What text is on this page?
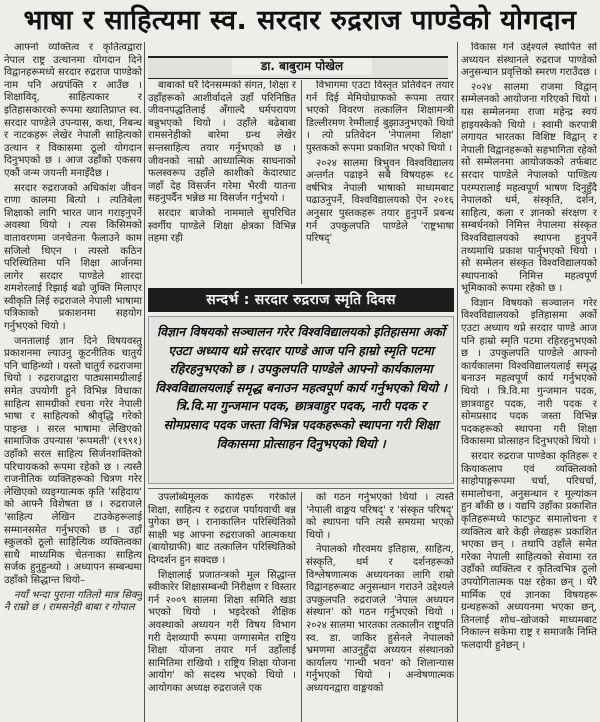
भाषा र साहित्यमा स्व. सरदार रुद्रराज पाण्डेको योगदान
डा. बाबुराम पोखेल

आफ्नो व्यक्तित्व र कृतित्वद्वारा नेपाल राष्ट्र उत्थानमा योगदान दिने विद्वानहरूमध्ये सरदार रुद्रराज पाण्डेको नाम पनि अग्रपंक्ति र आउँछ । शिक्षाविद्, साहित्यकार र इतिहासकारको रूपमा ख्यातिप्राप्त स्व. सरदार पाण्डेले उपन्यास, कथा, निबन्ध र नाटकहरू लेखेर नेपाली साहित्यको उत्थान र विकासमा ठूलो योगदान दिनुभएको छ । आज उहाँको एकसय एकौं जन्म जयन्ती मनाइँदैछ ।

सरदार रुद्रराजको अधिकांश जीवन राणा कालमा बित्यो । त्यतिबेला शिक्षाको लागि भारत जान गराइनुपर्ने अवस्था थियो । त्यस किसिमको वातावरणमा जनचेतना फैलाउने काम सजिलो थिएन । त्यस्तो कठिन परिस्थितिमा पनि शिक्षा आर्जनमा लागेर सरदार पाण्डेले शारदा शमशेरलाई रिझाई बढो जुक्ति मिलाएर स्वीकृति लिई रुद्रराजले नेपाली भाषामा पत्रिकाको प्रकाशनमा सहयोग गर्नुभएको थियो ।

जनतालाई ज्ञान दिने विषयवस्तु प्रकाशनमा ल्याउनु कूटनीतिक चातुर्य पनि चाहिन्थ्यो । यस्तो चातुर्य रुद्रराजमा थियो । रुद्रराजद्वारा पाठ्यसामग्रीलाई समेत उपयोगी हुने विभिन्न विधाका साहित्य सामग्रीको रचना गरेर नेपाली भाषा र साहित्यको श्रीवृद्धि गरेको पाइन्छ । सरल भाषामा लेखिएको सामाजिक उपन्यास 'रूपमती' (१९९१) उहाँको सरल साहित्य सिर्जनशक्तिको परिचायकको रूपमा रहेको छ । त्यस्तै राजनीतिक व्यक्तिहरूको चित्रण गरेर लेखिएको व्यङ्ग्यात्मक कृति 'सहिदाय' को आफ्नै विशेषता छ । रुद्रराजले 'साहित्य लेखिन टाउकेहरूलाई सम्मानसमेत गर्नुभएको छ । उहाँ स्कुलको ठूलो साहित्यिक व्यक्तित्वका साथै माध्यमिक चेतनाका साहित्य सर्जक हुनुहुन्थ्यो । अध्यापन सम्बन्धमा उहाँको सिद्धान्त थियो–

नयाँ भन्दा पुराना गतिलो मात्र सिक्नु नै राम्रो छ । रामसनेही बाबा र गोपाल

बाबाको घरैं दिनसम्मको संगत, शिक्षा र उहाँहरूको आशीर्वादले उहाँ परिनिष्ठित जीवनपद्धतिलाई अँगाल्दै धर्मपरायण बन्नुभएको थियो । उहाँले बढेबाबा रामसनेहीको बारेमा ग्रन्थ लेखेर सन्तसाहित्य तयार गर्नुभएको छ । जीवनको नाम्रो आध्यात्मिक साधनाको फलस्वरूप उहाँले काशीको केदारघाट जहाँ देह विसर्जन गरेमा भैरवी यातना सहनुपर्दैन भन्नेछ मा विसर्जन गर्नुभयो ।

सरदार बाजेको नाममाले सुपरिचित स्वर्गीय पाण्डेले शिक्षा क्षेत्रका विभिन्न तहमा रही

विभागमा एउटा विस्तृत प्रतिवेदन तयार गर्न दिई मेमियोग्राफको रूपमा तयार भएको विवरण तत्कालिन शिक्षामन्त्री डिल्लीरमण रेग्मीलाई बुझाउनुभएको थियो । त्यो प्रतिवेदन 'नेपालमा शिक्षा' पुस्तकको रूपमा प्रकाशित भएको थियो ।

२०२४ सालमा त्रिभुवन विश्वविद्यालय अन्तर्गत पढाइने सबै विषयहरू १८ वर्षभित्र नेपाली भाषाको माध्यमबाट पढाउनुपर्ने, विश्वविद्यालयको ऐन २०१६ अनुसार पुस्तकहरू तयार हुनुपर्ने प्रबन्ध गर्न उपकुलपति पाण्डेले 'राष्ट्रभाषा परिषद्'

सन्दर्भ : सरदार रुद्रराज स्मृति दिवस
विज्ञान विषयको सञ्चालन गरेर विश्वविद्यालयको इतिहासमा अर्को एउटा अध्याय थप्ने सरदार पाण्डे आज पनि हाम्रो स्मृति पटमा रहिरहनुभएको छ । उपकुलपति पाण्डेले आफ्नो कार्यकालमा विश्वविद्यालयलाई समृद्ध बनाउन महत्वपूर्ण कार्य गर्नुभएको थियो । त्रि.वि.मा गुन्जमान पदक, छात्रवाहुर पदक, नारी पदक र सोमप्रसाद पदक जस्ता विभिन्न पदकहरूको स्थापना गरी शिक्षा विकासमा प्रोत्साहन दिनुभएको थियो ।

उपलब्धिमूलक कार्यहरू गरेकोले शिक्षा, साहित्य र रुद्रराज पर्यायवाची बन्न पुगेका छन् । रानाकालिन परिस्थितिको साक्षी भइ आफ्ना रुद्रराजको आत्मकथा (बायोग्राफी) बाट तत्कालिन परिस्थितिको दिग्दर्शन हुन सक्दछ ।

शिक्षालाई प्रजातन्त्रको मूल सिद्धान्त स्वीकारेर शिक्षासम्बन्धी निरीक्षण र विस्तार गर्न २००९ सालमा शिक्षा समिति खडा भएको थियो । भइदेरको शैक्षिक अवस्थाको अध्ययन गरी विषय विभाग गरी देशव्यापी रूपमा जग्गासमेत राष्ट्रिय शिक्षा योजना तयार गर्न उहाँलाई सामितिमा राखियो । राष्ट्रिय शिक्षा योजना आयोग' को सदस्य भएको थियो । आयोगका अध्यक्ष रुद्रराजले एक

को गठन गर्नुभएको थियो । त्यस्तै 'नेपाली वाङ्मय परिषद्' र 'संस्कृत परिषद्' को स्थापना पनि त्यसै समयमा भएको थियो ।

नेपालको गौरवमय इतिहास, साहित्य, संस्कृति, धर्म र दर्शनहरूको विश्लेषणात्मक अध्ययनका लागि राम्रो विद्वानहरूबाट अनुसन्धान गराउने उद्देश्यले उपकुलपति रुद्रराजले 'नेपाल अध्ययन संस्थान' को गठन गर्नुभएको थियो । २०२४ सालमा भारतका तत्कालीन राष्ट्रपति स्व. डा. जाकिर हुसेनले नेपालको भ्रमणमा आउनुहुँदा अध्ययन संस्थानको कार्यालय 'गान्धी भवन' को शिलान्यास गर्नुभएको थियो । अन्वेषणात्मक अध्ययनद्वारा वाङ्मयको

विकास गर्ने उद्देश्यले स्थापित सो अध्ययन संस्थानले रुद्रराज पाण्डेको अनुसन्धान प्रवृत्तिको स्मरण गराउँदछ ।

२०२४ सालमा राजमा विद्वान् सम्मेलनको आयोजना गरिएको थियो । यस सम्मेलनमा राजा महेन्द्र स्वयं हाइयस्केको थियो । स्वामी करपात्री लगायत भारतका विशिष्ट विद्वान् र नेपाली विद्वानहरूको सहभागिता रहेको सो सम्मेलनमा आयोजकको तर्फबाट सरदार पाण्डेले नेपालको पाण्डित्य परम्परालाई महत्वपूर्ण भाषण दिनुहुँदै नेपालको धर्म, संस्कृति, दर्शन, साहित्य, कला र ज्ञानको संरक्षण र सम्बर्धनको निमित्त नेपालमा संस्कृत विश्वविद्यालयको स्थापना हुनुपर्ने तथ्यमाथि प्रकाश पार्नुभएको थियो । सो सम्मेलन संस्कृत विश्वविद्यालयको स्थापनाको निमित्त महत्वपूर्ण भूमिकाको रूपमा रहेको छ ।

विज्ञान विषयको सञ्चालन गरेर विश्वविद्यालयको इतिहासमा अर्को एउटा अध्याय थप्ने सरदार पाण्डे आज पनि हाम्रो स्मृति पटमा रहिरहनुभएको छ । उपकुलपति पाण्डेले आफ्नो कार्यकालमा विश्वविद्यालयलाई समृद्ध बनाउन महत्वपूर्ण कार्य गर्नुभएको थियो । त्रि.वि.मा गुन्जमान पदक, छात्रवाहुर पदक, नारी पदक र सोमप्रसाद पदक जस्ता विभिन्न पदकहरूको स्थापना गरी शिक्षा विकासमा प्रोत्साहन दिनुभएको थियो ।

सरदार रुद्रराज पाण्डेका कृतिहरू र कियाकलाप एवं व्यक्तित्वको साहोपाङ्गरूपमा चर्चा, परिचर्चा, समालोचना, अनुसन्धान र मूल्यांकन हुन बाँकी छ । यद्यपि उहाँका प्रकाशित कृतिहरूमध्ये फाटफुट समालोचना र व्यक्तित्व बारे केही लेखहरू प्रकाशित भएका छन् । तथापि उहाँले समेत गरेका नेपाली साहित्यको सेवामा रत उहाँको व्यक्तित्व र कृतित्वभित्र ठूलो उपयोगितात्मक पक्ष रहेका छन् । धेरै मार्मिक एवं ज्ञानका विषयहरू ग्रन्थहरूको अध्ययनमा भएका छन्, तिनलाई शोध–खोजको माध्यमबाट निकाल्न सकेमा राष्ट्र र समाजकै निम्ति फलदायी हुनेछन् ।
